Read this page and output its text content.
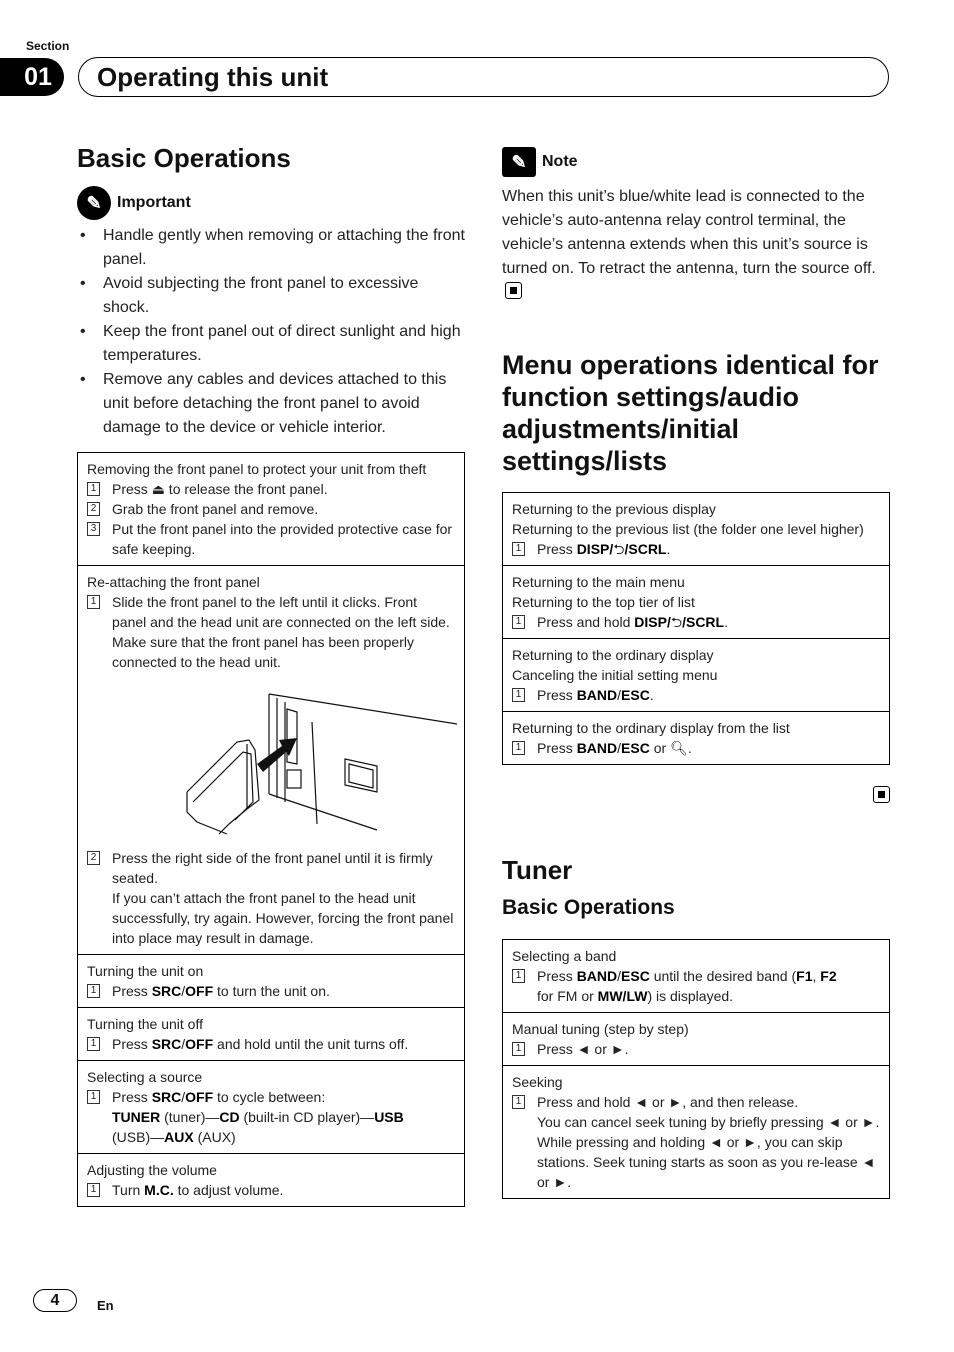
Section
01	Operating this unit
Basic Operations
✎ Important
• Handle gently when removing or attaching the front panel.
• Avoid subjecting the front panel to excessive shock.
• Keep the front panel out of direct sunlight and high temperatures.
• Remove any cables and devices attached to this unit before detaching the front panel to avoid damage to the device or vehicle interior.
Removing the front panel to protect your unit from theft
1 Press ⏏ to release the front panel.
2 Grab the front panel and remove.
3 Put the front panel into the provided protective case for safe keeping.
Re-attaching the front panel
1 Slide the front panel to the left until it clicks. Front panel and the head unit are connected on the left side. Make sure that the front panel has been properly connected to the head unit.
2 Press the right side of the front panel until it is firmly seated.
If you can’t attach the front panel to the head unit successfully, try again. However, forcing the front panel into place may result in damage.
Turning the unit on
1 Press SRC/OFF to turn the unit on.
Turning the unit off
1 Press SRC/OFF and hold until the unit turns off.
Selecting a source
1 Press SRC/OFF to cycle between:
TUNER (tuner)—CD (built-in CD player)—USB
(USB)—AUX (AUX)
Adjusting the volume
1 Turn M.C. to adjust volume.
✎ Note
When this unit’s blue/white lead is connected to the vehicle’s auto-antenna relay control terminal, the vehicle’s antenna extends when this unit’s source is turned on. To retract the antenna, turn the source off.
Menu operations identical for function settings/audio adjustments/initial settings/lists
Returning to the previous display
Returning to the previous list (the folder one level higher)
1 Press DISP/⮌/SCRL.
Returning to the main menu
Returning to the top tier of list
1 Press and hold DISP/⮌/SCRL.
Returning to the ordinary display
Canceling the initial setting menu
1 Press BAND/ESC.
Returning to the ordinary display from the list
1 Press BAND/ESC or 🔍︎.
Tuner
Basic Operations
Selecting a band
1 Press BAND/ESC until the desired band (F1, F2
for FM or MW/LW) is displayed.
Manual tuning (step by step)
1 Press ◄ or ►.
Seeking
1 Press and hold ◄ or ►, and then release.
You can cancel seek tuning by briefly pressing ◄ or ►.
While pressing and holding ◄ or ►, you can skip stations. Seek tuning starts as soon as you re-lease ◄ or ►.
4	En
